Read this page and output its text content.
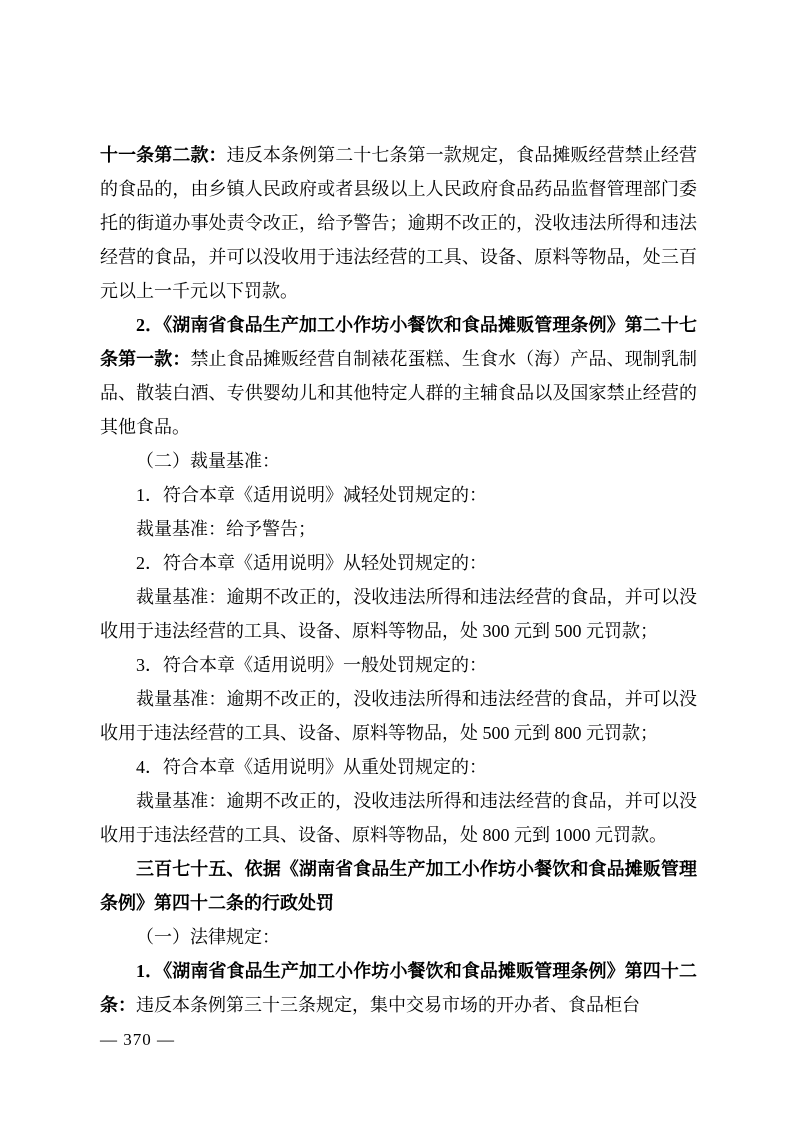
十一条第二款：违反本条例第二十七条第一款规定，食品摊贩经营禁止经营的食品的，由乡镇人民政府或者县级以上人民政府食品药品监督管理部门委托的街道办事处责令改正，给予警告；逾期不改正的，没收违法所得和违法经营的食品，并可以没收用于违法经营的工具、设备、原料等物品，处三百元以上一千元以下罚款。

2．《湖南省食品生产加工小作坊小餐饮和食品摊贩管理条例》第二十七条第一款：禁止食品摊贩经营自制裱花蛋糕、生食水（海）产品、现制乳制品、散装白酒、专供婴幼儿和其他特定人群的主辅食品以及国家禁止经营的其他食品。

（二）裁量基准：

1．符合本章《适用说明》减轻处罚规定的：

裁量基准：给予警告；

2．符合本章《适用说明》从轻处罚规定的：

裁量基准：逾期不改正的，没收违法所得和违法经营的食品，并可以没收用于违法经营的工具、设备、原料等物品，处 300 元到 500 元罚款；

3．符合本章《适用说明》一般处罚规定的：

裁量基准：逾期不改正的，没收违法所得和违法经营的食品，并可以没收用于违法经营的工具、设备、原料等物品，处 500 元到 800 元罚款；

4．符合本章《适用说明》从重处罚规定的：

裁量基准：逾期不改正的，没收违法所得和违法经营的食品，并可以没收用于违法经营的工具、设备、原料等物品，处 800 元到 1000 元罚款。

三百七十五、依据《湖南省食品生产加工小作坊小餐饮和食品摊贩管理条例》第四十二条的行政处罚

（一）法律规定：

1．《湖南省食品生产加工小作坊小餐饮和食品摊贩管理条例》第四十二条：违反本条例第三十三条规定，集中交易市场的开办者、食品柜台

— 370 —
